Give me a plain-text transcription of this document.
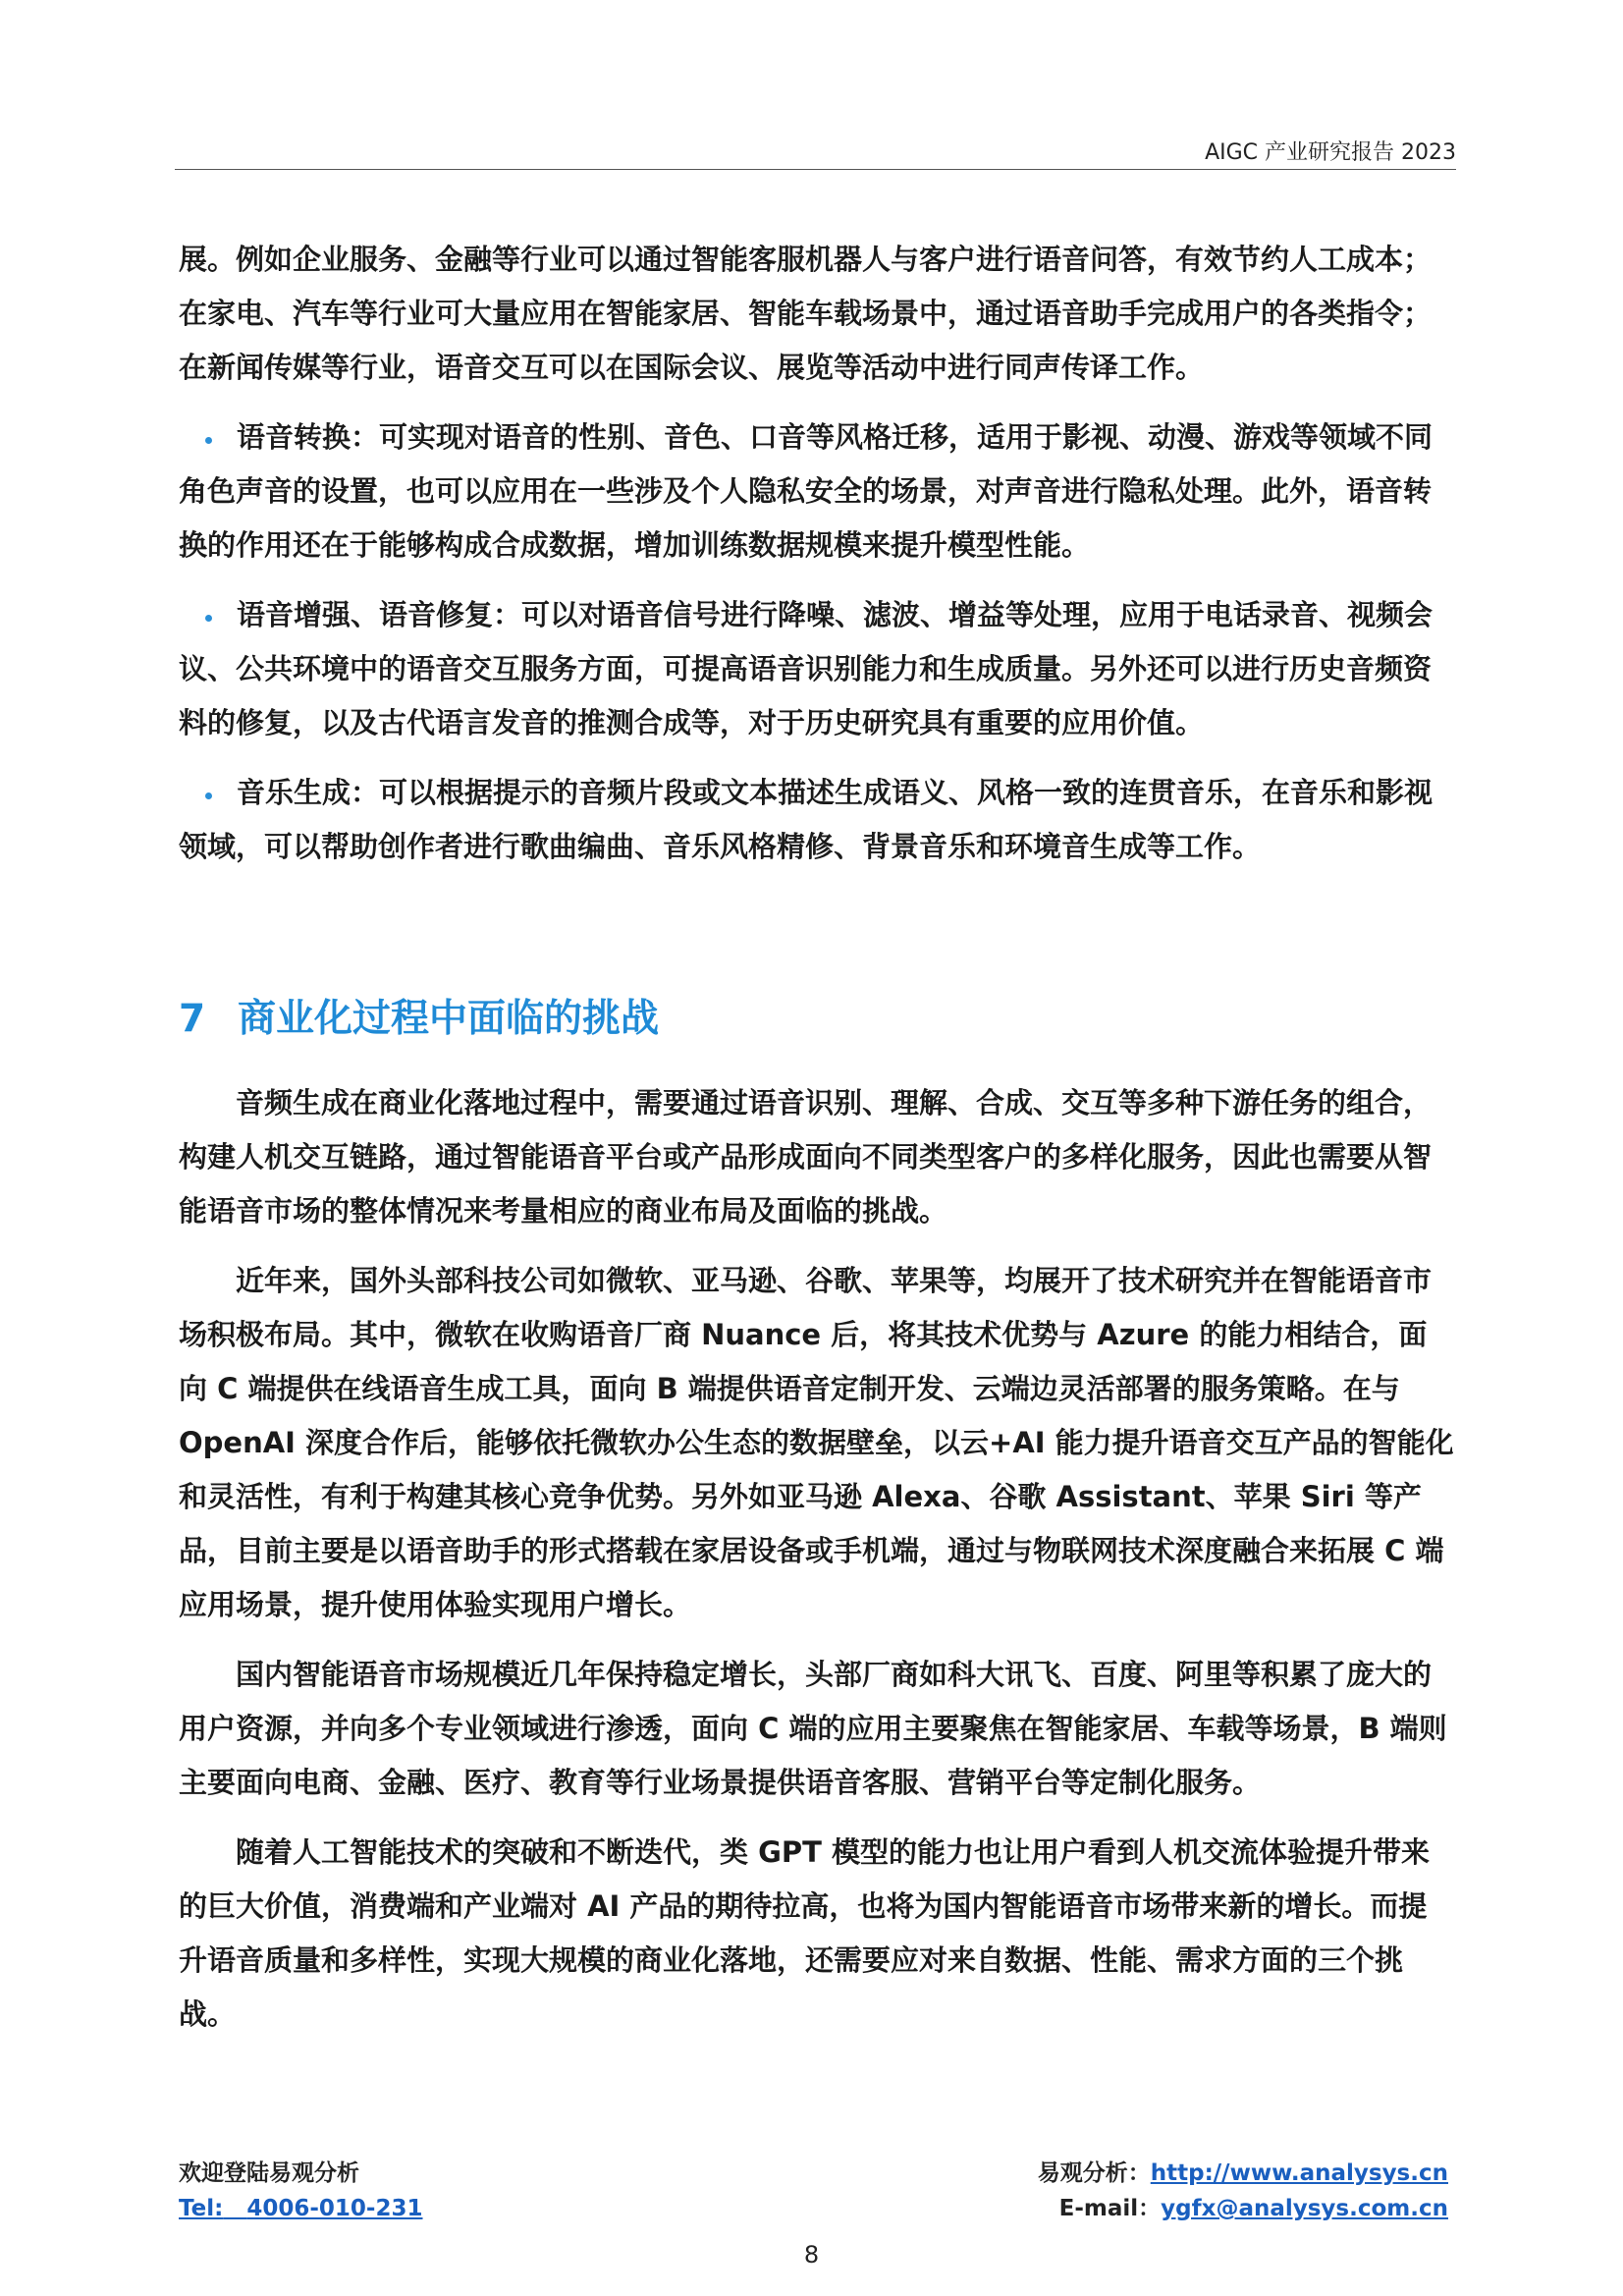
AIGC 产业研究报告 2023

展。例如企业服务、金融等行业可以通过智能客服机器人与客户进行语音问答，有效节约人工成本；在家电、汽车等行业可大量应用在智能家居、智能车载场景中，通过语音助手完成用户的各类指令；在新闻传媒等行业，语音交互可以在国际会议、展览等活动中进行同声传译工作。

语音转换：可实现对语音的性别、音色、口音等风格迁移，适用于影视、动漫、游戏等领域不同角色声音的设置，也可以应用在一些涉及个人隐私安全的场景，对声音进行隐私处理。此外，语音转换的作用还在于能够构成合成数据，增加训练数据规模来提升模型性能。

语音增强、语音修复：可以对语音信号进行降噪、滤波、增益等处理，应用于电话录音、视频会议、公共环境中的语音交互服务方面，可提高语音识别能力和生成质量。另外还可以进行历史音频资料的修复，以及古代语言发音的推测合成等，对于历史研究具有重要的应用价值。

音乐生成：可以根据提示的音频片段或文本描述生成语义、风格一致的连贯音乐，在音乐和影视领域，可以帮助创作者进行歌曲编曲、音乐风格精修、背景音乐和环境音生成等工作。

7 商业化过程中面临的挑战

音频生成在商业化落地过程中，需要通过语音识别、理解、合成、交互等多种下游任务的组合，构建人机交互链路，通过智能语音平台或产品形成面向不同类型客户的多样化服务，因此也需要从智能语音市场的整体情况来考量相应的商业布局及面临的挑战。

近年来，国外头部科技公司如微软、亚马逊、谷歌、苹果等，均展开了技术研究并在智能语音市场积极布局。其中，微软在收购语音厂商 Nuance 后，将其技术优势与 Azure 的能力相结合，面向 C 端提供在线语音生成工具，面向 B 端提供语音定制开发、云端边灵活部署的服务策略。在与 OpenAI 深度合作后，能够依托微软办公生态的数据壁垒，以云+AI 能力提升语音交互产品的智能化和灵活性，有利于构建其核心竞争优势。另外如亚马逊 Alexa、谷歌 Assistant、苹果 Siri 等产品，目前主要是以语音助手的形式搭载在家居设备或手机端，通过与物联网技术深度融合来拓展 C 端应用场景，提升使用体验实现用户增长。

国内智能语音市场规模近几年保持稳定增长，头部厂商如科大讯飞、百度、阿里等积累了庞大的用户资源，并向多个专业领域进行渗透，面向 C 端的应用主要聚焦在智能家居、车载等场景，B 端则主要面向电商、金融、医疗、教育等行业场景提供语音客服、营销平台等定制化服务。

随着人工智能技术的突破和不断迭代，类 GPT 模型的能力也让用户看到人机交流体验提升带来的巨大价值，消费端和产业端对 AI 产品的期待拉高，也将为国内智能语音市场带来新的增长。而提升语音质量和多样性，实现大规模的商业化落地，还需要应对来自数据、性能、需求方面的三个挑战。

欢迎登陆易观分析
Tel: 4006-010-231
易观分析：http://www.analysys.cn
E-mail：ygfx@analysys.com.cn
8
